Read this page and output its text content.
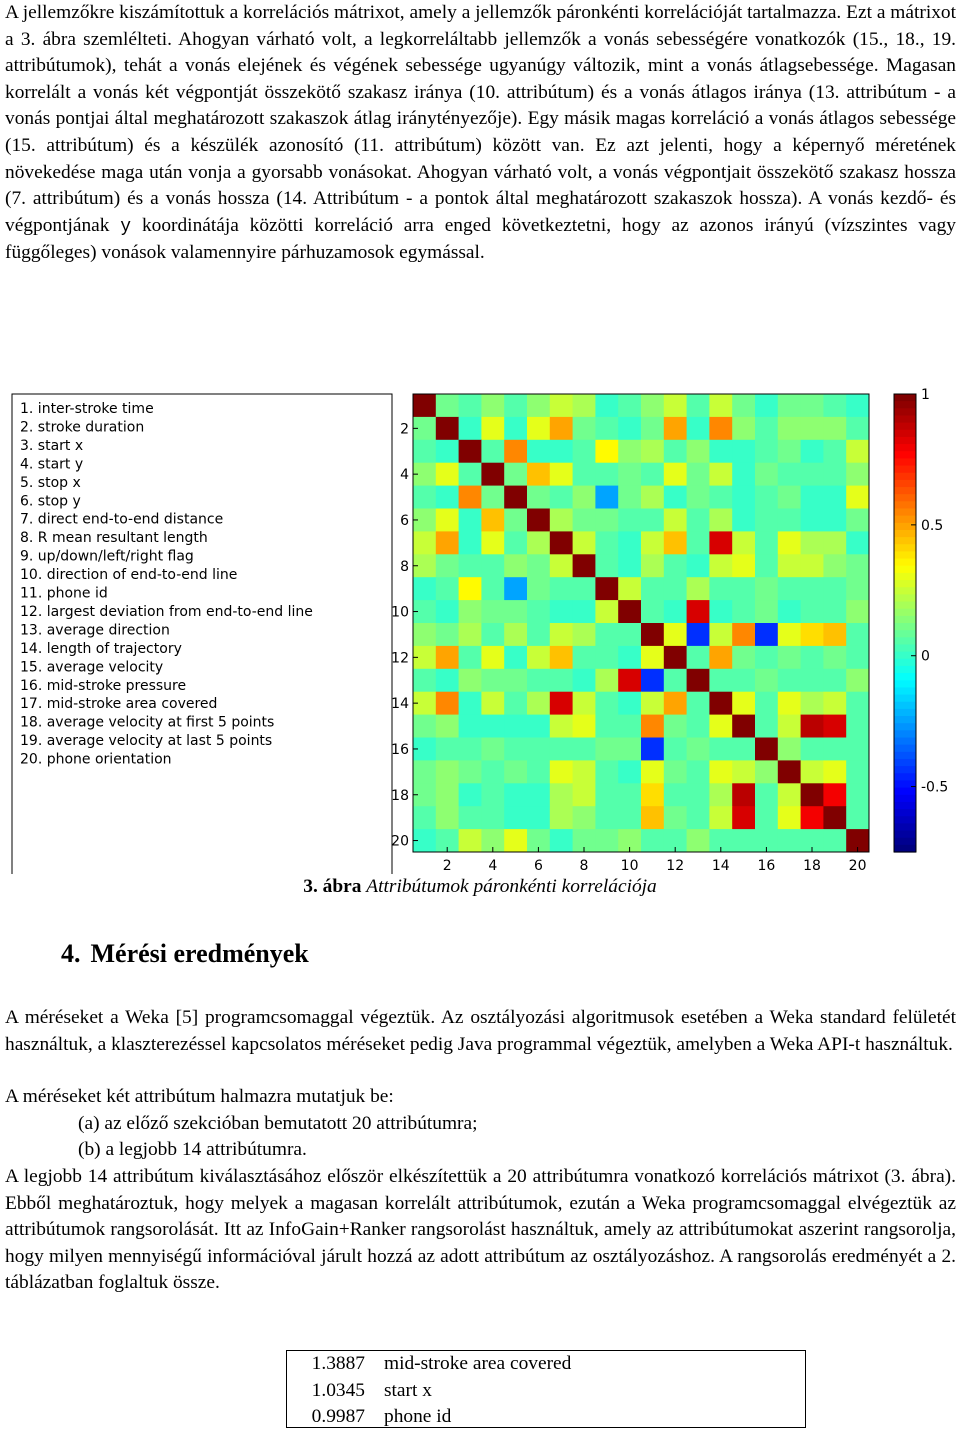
A jellemzőkre kiszámítottuk a korrelációs mátrixot, amely a jellemzők páronkénti korrelációját tartalmazza. Ezt a mátrixot a 3. ábra szemlélteti. Ahogyan várható volt, a legkorreláltabb jellemzők a vonás sebességére vonatkozók (15., 18., 19. attribútumok), tehát a vonás elejének és végének sebessége ugyanúgy változik, mint a vonás átlagsebessége. Magasan korrelált a vonás két végpontját összekötő szakasz iránya (10. attribútum) és a vonás átlagos iránya (13. attribútum - a vonás pontjai által meghatározott szakaszok átlag iránytényezője). Egy másik magas korreláció a vonás átlagos sebessége (15. attribútum) és a készülék azonosító (11. attribútum) között van. Ez azt jelenti, hogy a képernyő méretének növekedése maga után vonja a gyorsabb vonásokat. Ahogyan várható volt, a vonás végpontjait összekötő szakasz hossza (7. attribútum) és a vonás hossza (14. Attribútum - a pontok által meghatározott szakaszok hossza). A vonás kezdő- és végpontjának y koordinátája közötti korreláció arra enged következtetni, hogy az azonos irányú (vízszintes vagy függőleges) vonások valamennyire párhuzamosok egymással.

1. inter-stroke time
2. stroke duration
3. start x
4. start y
5. stop x
6. stop y
7. direct end-to-end distance
8. R mean resultant length
9. up/down/left/right flag
10. direction of end-to-end line
11. phone id
12. largest deviation from end-to-end line
13. average direction
14. length of trajectory
15. average velocity
16. mid-stroke pressure
17. mid-stroke area covered
18. average velocity at first 5 points
19. average velocity at last 5 points
20. phone orientation
2	4	6	8 10 12 14 16 18 20
2
4
6
8
10
12
14
16
18
20
1
0.5
0
-0.5
3. ábra Attribútumok páronkénti korrelációja
4. Mérési eredmények

A méréseket a Weka [5] programcsomaggal végeztük. Az osztályozási algoritmusok esetében a Weka standard felületét használtuk, a klaszterezéssel kapcsolatos méréseket pedig Java programmal végeztük, amelyben a Weka API-t használtuk.

A méréseket két attribútum halmazra mutatjuk be:

(a) az előző szekcióban bemutatott 20 attribútumra;

(b) a legjobb 14 attribútumra.

A legjobb 14 attribútum kiválasztásához először elkészítettük a 20 attribútumra vonatkozó korrelációs mátrixot (3. ábra). Ebből meghatároztuk, hogy melyek a magasan korrelált attribútumok, ezután a Weka programcsomaggal elvégeztük az attribútumok rangsorolását. Itt az InfoGain+Ranker rangsorolást használtuk, amely az attribútumokat aszerint rangsorolja, hogy milyen mennyiségű információval járult hozzá az adott attribútum az osztályozáshoz. A rangsorolás eredményét a 2. táblázatban foglaltuk össze.

1.3887 mid-stroke area covered
1.0345 start x
0.9987 phone id
